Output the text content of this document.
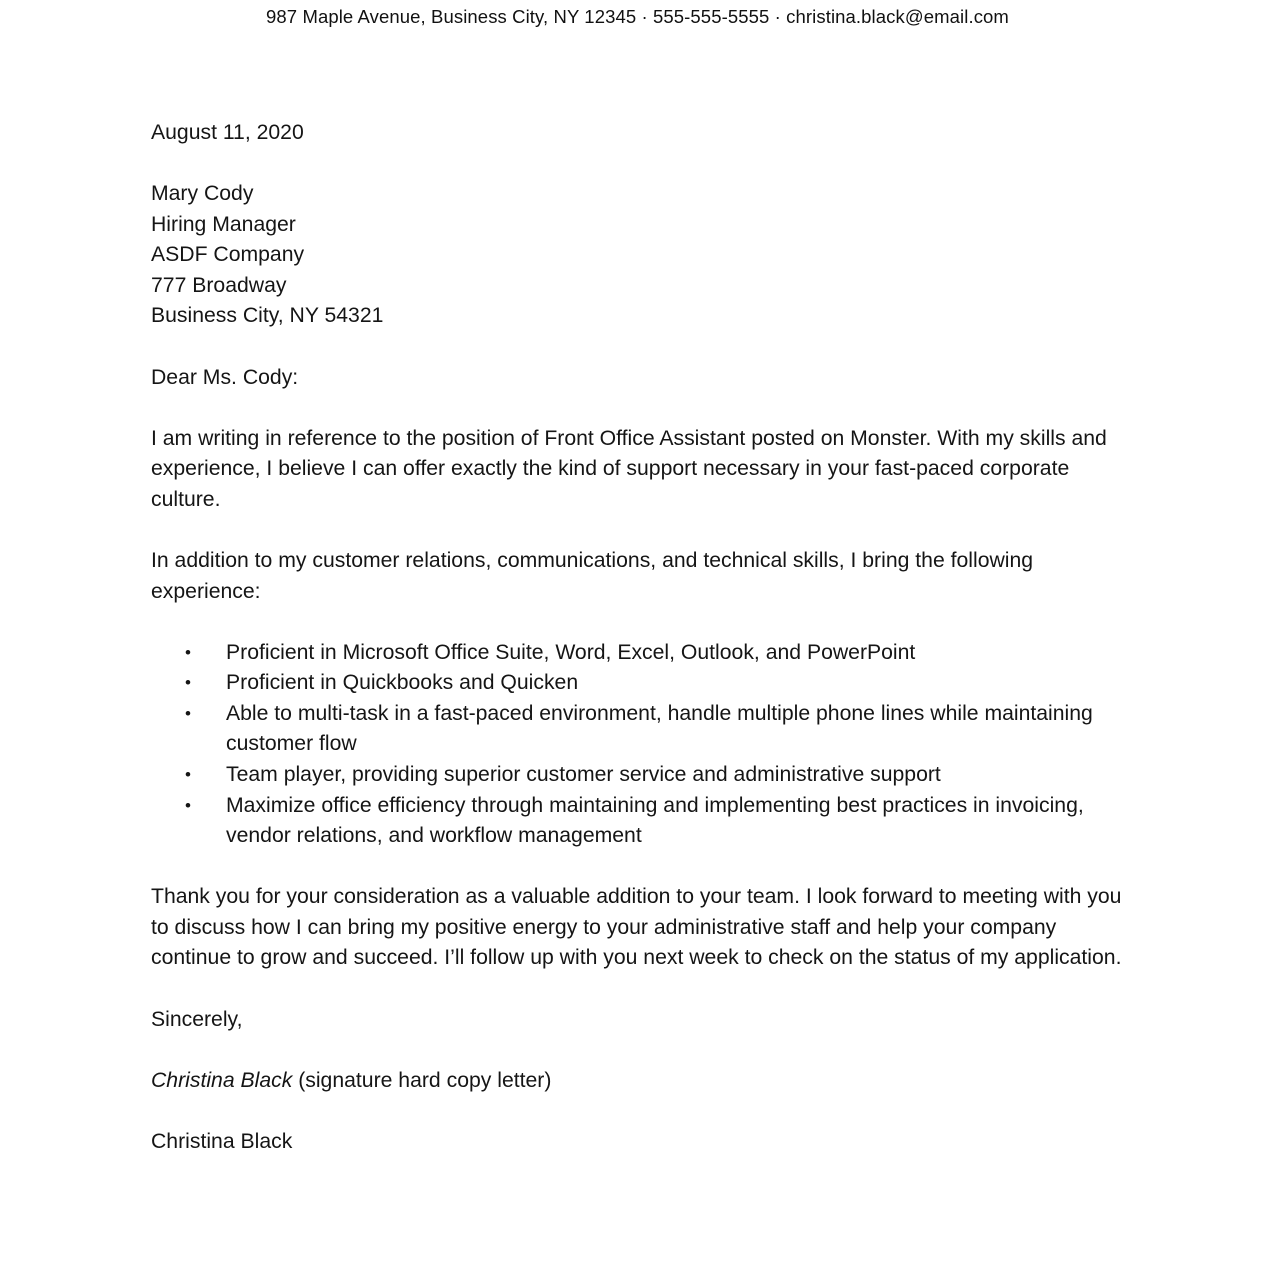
987 Maple Avenue, Business City, NY 12345 · 555-555-5555 · christina.black@email.com
August 11, 2020
Mary Cody
Hiring Manager
ASDF Company
777 Broadway
Business City, NY 54321
Dear Ms. Cody:

I am writing in reference to the position of Front Office Assistant posted on Monster. With my skills and experience, I believe I can offer exactly the kind of support necessary in your fast-paced corporate culture.

In addition to my customer relations, communications, and technical skills, I bring the following experience:

• Proficient in Microsoft Office Suite, Word, Excel, Outlook, and PowerPoint
• Proficient in Quickbooks and Quicken
• Able to multi-task in a fast-paced environment, handle multiple phone lines while maintaining customer flow
• Team player, providing superior customer service and administrative support
• Maximize office efficiency through maintaining and implementing best practices in invoicing, vendor relations, and workflow management

Thank you for your consideration as a valuable addition to your team. I look forward to meeting with you to discuss how I can bring my positive energy to your administrative staff and help your company continue to grow and succeed. I’ll follow up with you next week to check on the status of my application.

Sincerely,

Christina Black (signature hard copy letter)

Christina Black
